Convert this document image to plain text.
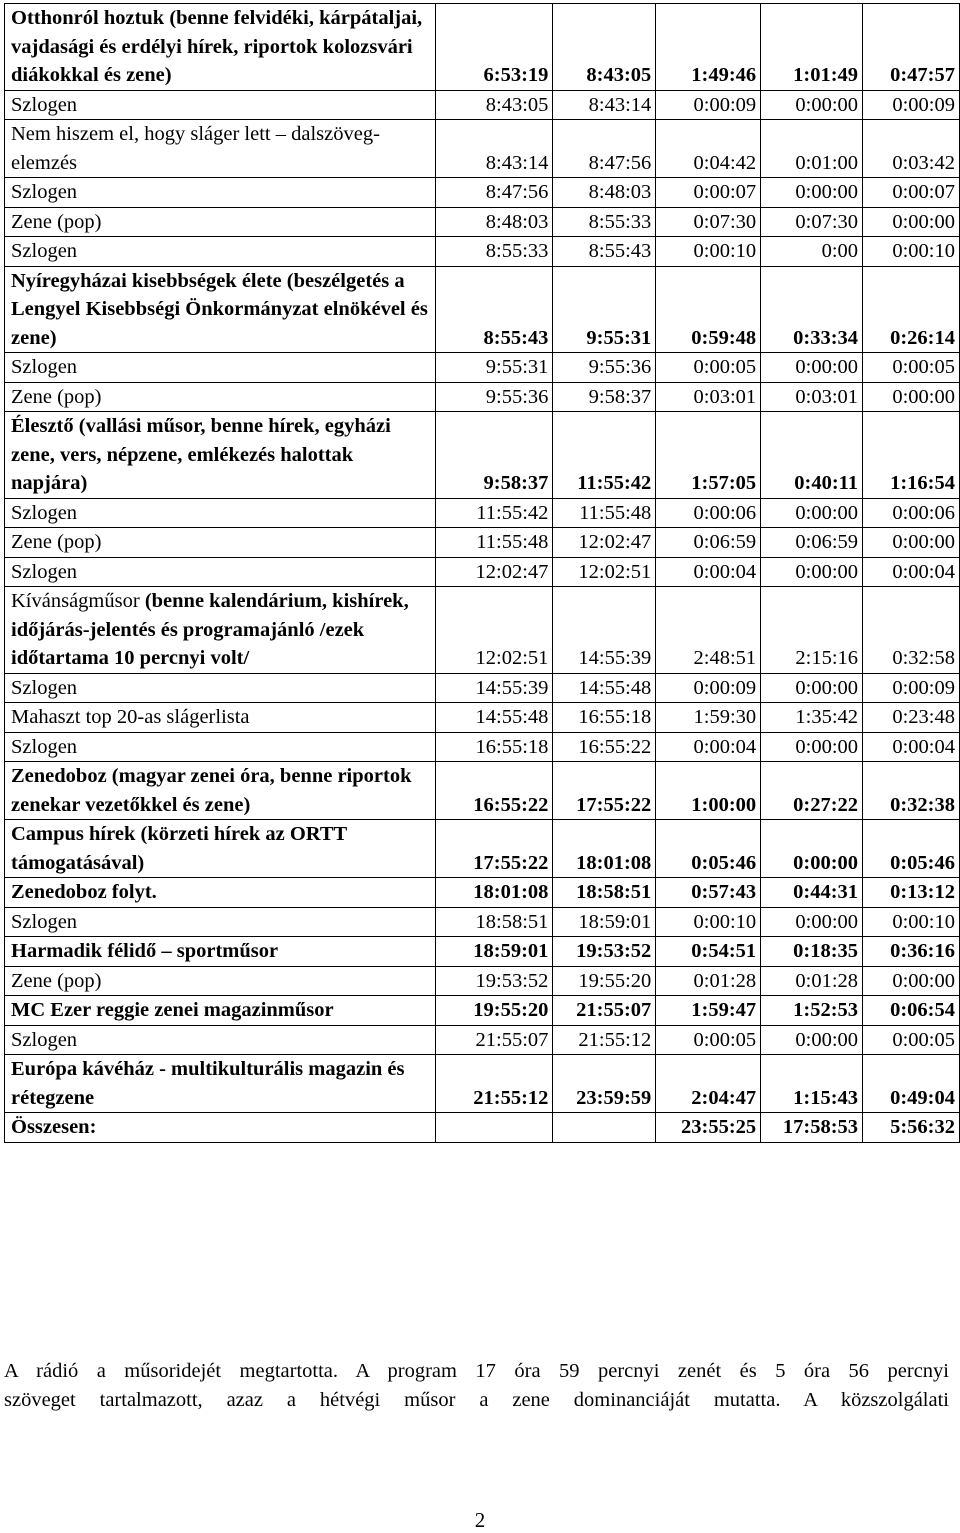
Otthonról hoztuk (benne felvidéki, kárpátaljai, vajdasági és erdélyi hírek, riportok kolozsvári diákokkal és zene)	6:53:19	8:43:05	1:49:46	1:01:49	0:47:57
Szlogen	8:43:05	8:43:14	0:00:09	0:00:00	0:00:09
Nem hiszem el, hogy sláger lett – dalszöveg-elemzés	8:43:14	8:47:56	0:04:42	0:01:00	0:03:42
Szlogen	8:47:56	8:48:03	0:00:07	0:00:00	0:00:07
Zene (pop)	8:48:03	8:55:33	0:07:30	0:07:30	0:00:00
Szlogen	8:55:33	8:55:43	0:00:10	0:00	0:00:10
Nyíregyházai kisebbségek élete (beszélgetés a Lengyel Kisebbségi Önkormányzat elnökével és zene)	8:55:43	9:55:31	0:59:48	0:33:34	0:26:14
Szlogen	9:55:31	9:55:36	0:00:05	0:00:00	0:00:05
Zene (pop)	9:55:36	9:58:37	0:03:01	0:03:01	0:00:00
Élesztő (vallási műsor, benne hírek, egyházi zene, vers, népzene, emlékezés halottak napjára)	9:58:37	11:55:42	1:57:05	0:40:11	1:16:54
Szlogen	11:55:42	11:55:48	0:00:06	0:00:00	0:00:06
Zene (pop)	11:55:48	12:02:47	0:06:59	0:06:59	0:00:00
Szlogen	12:02:47	12:02:51	0:00:04	0:00:00	0:00:04
Kívánságműsor (benne kalendárium, kishírek, időjárás-jelentés és programajánló /ezek időtartama 10 percnyi volt/	12:02:51	14:55:39	2:48:51	2:15:16	0:32:58
Szlogen	14:55:39	14:55:48	0:00:09	0:00:00	0:00:09
Mahaszt top 20-as slágerlista	14:55:48	16:55:18	1:59:30	1:35:42	0:23:48
Szlogen	16:55:18	16:55:22	0:00:04	0:00:00	0:00:04
Zenedoboz (magyar zenei óra, benne riportok zenekar vezetőkkel és zene)	16:55:22	17:55:22	1:00:00	0:27:22	0:32:38
Campus hírek (körzeti hírek az ORTT támogatásával)	17:55:22	18:01:08	0:05:46	0:00:00	0:05:46
Zenedoboz folyt.	18:01:08	18:58:51	0:57:43	0:44:31	0:13:12
Szlogen	18:58:51	18:59:01	0:00:10	0:00:00	0:00:10
Harmadik félidő – sportműsor	18:59:01	19:53:52	0:54:51	0:18:35	0:36:16
Zene (pop)	19:53:52	19:55:20	0:01:28	0:01:28	0:00:00
MC Ezer reggie zenei magazinműsor	19:55:20	21:55:07	1:59:47	1:52:53	0:06:54
Szlogen	21:55:07	21:55:12	0:00:05	0:00:00	0:00:05
Európa kávéház - multikulturális magazin és rétegzene	21:55:12	23:59:59	2:04:47	1:15:43	0:49:04
Összesen:			23:55:25	17:58:53	5:56:32

A rádió a műsoridejét megtartotta. A program 17 óra 59 percnyi zenét és 5 óra 56 percnyi
szöveget tartalmazott, azaz a hétvégi műsor a zene dominanciáját mutatta. A közszolgálati

2
